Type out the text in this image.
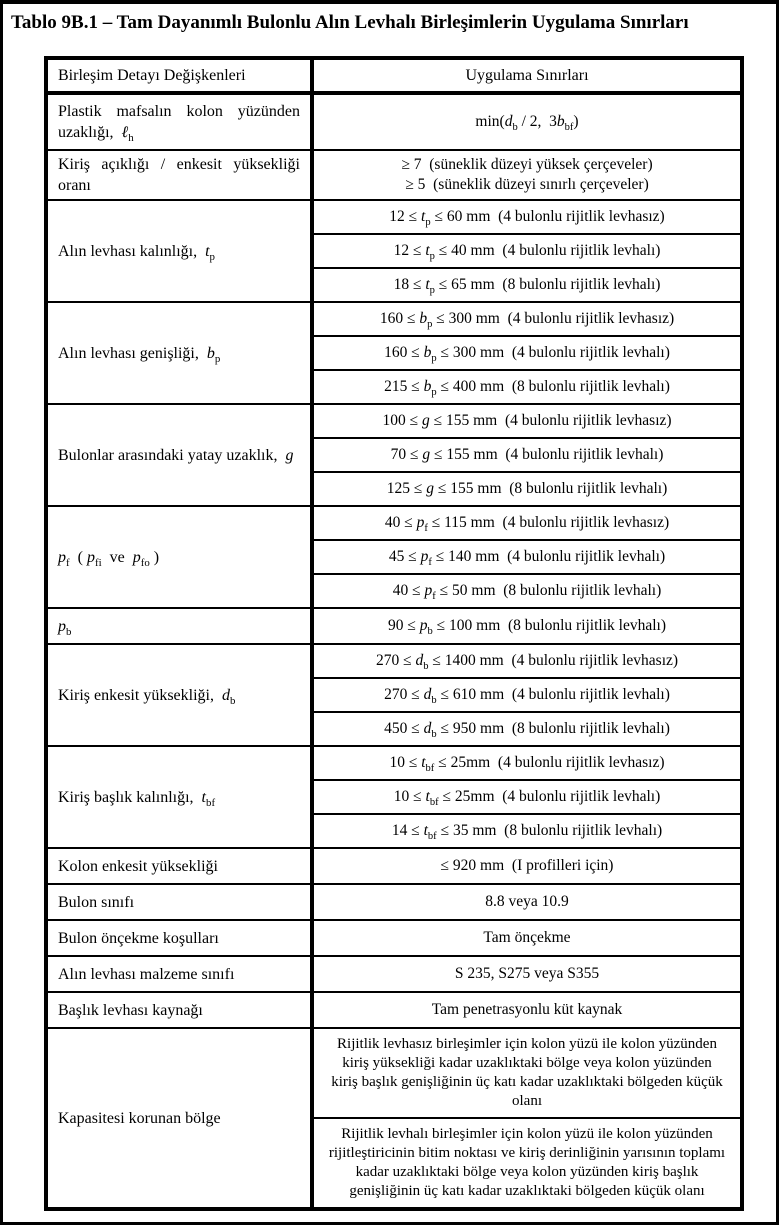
Tablo 9B.1 – Tam Dayanımlı Bulonlu Alın Levhalı Birleşimlerin Uygulama Sınırları
Birleşim Detayı Değişkenleri	Uygulama Sınırları
Plastik mafsalın kolon yüzünden uzaklığı,  ℓ$_h$	$\min(d_b / 2$,  $3b_{bf}$)
Kiriş açıklığı / enkesit yüksekliği oranı	≥ 7  (süneklik düzeyi yüksek çerçeveler)
≥ 5  (süneklik düzeyi sınırlı çerçeveler)
Alın levhası kalınlığı,  $t_p$	$12 \le t_p \le 60$ mm  (4 bulonlu rijitlik levhasız)
	$12 \le t_p \le 40$ mm  (4 bulonlu rijitlik levhalı)
	$18 \le t_p \le 65$ mm  (8 bulonlu rijitlik levhalı)
Alın levhası genişliği,  $b_p$	$160 \le b_p \le 300$ mm  (4 bulonlu rijitlik levhasız)
	$160 \le b_p \le 300$ mm  (4 bulonlu rijitlik levhalı)
	$215 \le b_p \le 400$ mm  (8 bulonlu rijitlik levhalı)
Bulonlar arasındaki yatay uzaklık,  g	100 ≤ g ≤ 155 mm  (4 bulonlu rijitlik levhasız)
	70 ≤ g ≤ 155 mm  (4 bulonlu rijitlik levhalı)
	125 ≤ g ≤ 155 mm  (8 bulonlu rijitlik levhalı)
$p_f$  ( $p_{fi}$  ve  $p_{fo}$ )	$40 \le p_f \le 115$ mm  (4 bulonlu rijitlik levhasız)
	$45 \le p_f \le 140$ mm  (4 bulonlu rijitlik levhalı)
	$40 \le p_f \le 50$ mm  (8 bulonlu rijitlik levhalı)
$p_b$	$90 \le p_b \le 100$ mm  (8 bulonlu rijitlik levhalı)
Kiriş enkesit yüksekliği,  $d_b$	$270 \le d_b \le 1400$ mm  (4 bulonlu rijitlik levhasız)
	$270 \le d_b \le 610$ mm  (4 bulonlu rijitlik levhalı)
	$450 \le d_b \le 950$ mm  (8 bulonlu rijitlik levhalı)
Kiriş başlık kalınlığı,  $t_{bf}$	$10 \le t_{bf} \le 25mm$  (4 bulonlu rijitlik levhasız)
	$10 \le t_{bf} \le 25mm$  (4 bulonlu rijitlik levhalı)
	$14 \le t_{bf} \le 35$ mm  (8 bulonlu rijitlik levhalı)
Kolon enkesit yüksekliği	≤ 920 mm  (I profilleri için)
Bulon sınıfı	8.8 veya 10.9
Bulon önçekme koşulları	Tam önçekme
Alın levhası malzeme sınıfı	S 235, S275 veya S355
Başlık levhası kaynağı	Tam penetrasyonlu küt kaynak
Kapasitesi korunan bölge	Rijitlik levhasız birleşimler için kolon yüzü ile kolon yüzünden kiriş yüksekliği kadar uzaklıktaki bölge veya kolon yüzünden kiriş başlık genişliğinin üç katı kadar uzaklıktaki bölgeden küçük olanı
	Rijitlik levhalı birleşimler için kolon yüzü ile kolon yüzünden rijitleştiricinin bitim noktası ve kiriş derinliğinin yarısının toplamı kadar uzaklıktaki bölge veya kolon yüzünden kiriş başlık genişliğinin üç katı kadar uzaklıktaki bölgeden küçük olanı
